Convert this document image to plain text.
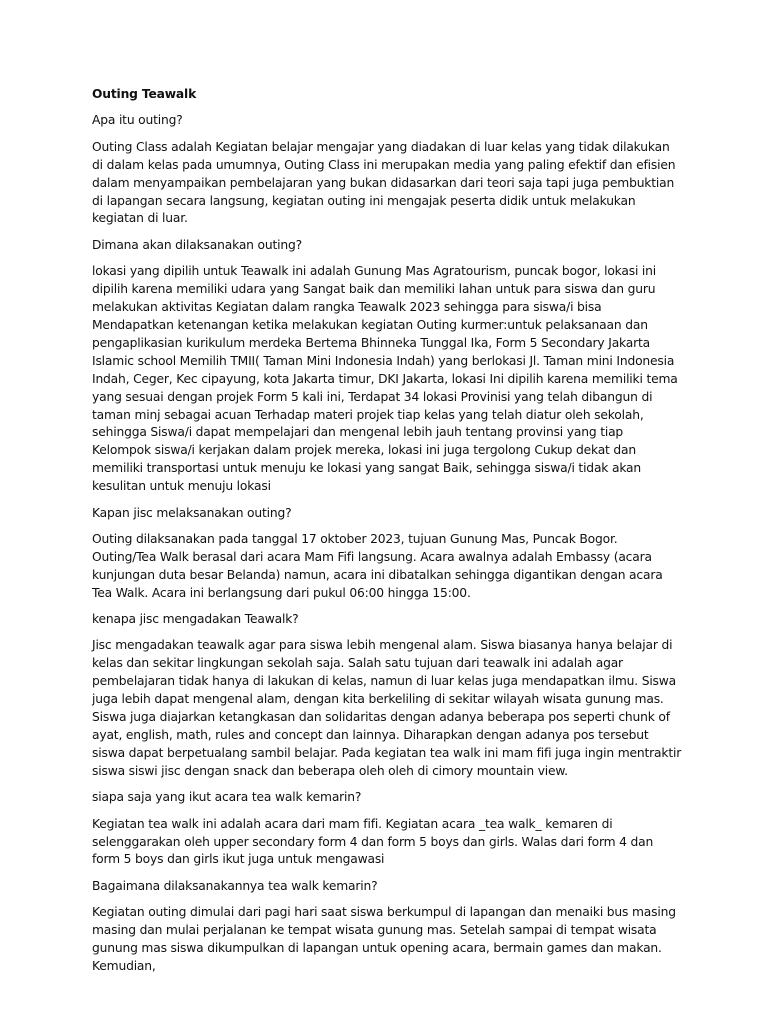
Outing Teawalk

Apa itu outing?

Outing Class adalah Kegiatan belajar mengajar yang diadakan di luar kelas yang tidak dilakukan di dalam kelas pada umumnya, Outing Class ini merupakan media yang paling efektif dan efisien dalam menyampaikan pembelajaran yang bukan didasarkan dari teori saja tapi juga pembuktian di lapangan secara langsung, kegiatan outing ini mengajak peserta didik untuk melakukan kegiatan di luar.

Dimana akan dilaksanakan outing?

lokasi yang dipilih untuk Teawalk ini adalah Gunung Mas Agratourism, puncak bogor, lokasi ini dipilih karena memiliki udara yang Sangat baik dan memiliki lahan untuk para siswa dan guru melakukan aktivitas Kegiatan dalam rangka Teawalk 2023 sehingga para siswa/i bisa Mendapatkan ketenangan ketika melakukan kegiatan Outing kurmer:untuk pelaksanaan dan pengaplikasian kurikulum merdeka Bertema Bhinneka Tunggal Ika, Form 5 Secondary Jakarta Islamic school Memilih TMII( Taman Mini Indonesia Indah) yang berlokasi Jl. Taman mini Indonesia Indah, Ceger, Kec cipayung, kota Jakarta timur, DKI Jakarta, lokasi Ini dipilih karena memiliki tema yang sesuai dengan projek Form 5 kali ini, Terdapat 34 lokasi Provinisi yang telah dibangun di taman minj sebagai acuan Terhadap materi projek tiap kelas yang telah diatur oleh sekolah, sehingga Siswa/i dapat mempelajari dan mengenal lebih jauh tentang provinsi yang tiap Kelompok siswa/i kerjakan dalam projek mereka, lokasi ini juga tergolong Cukup dekat dan memiliki transportasi untuk menuju ke lokasi yang sangat Baik, sehingga siswa/i tidak akan kesulitan untuk menuju lokasi

Kapan jisc melaksanakan outing?

Outing dilaksanakan pada tanggal 17 oktober 2023, tujuan Gunung Mas, Puncak Bogor. Outing/Tea Walk berasal dari acara Mam Fifi langsung. Acara awalnya adalah Embassy (acara kunjungan duta besar Belanda) namun, acara ini dibatalkan sehingga digantikan dengan acara Tea Walk. Acara ini berlangsung dari pukul 06:00 hingga 15:00.

kenapa jisc mengadakan Teawalk?

Jisc mengadakan teawalk agar para siswa lebih mengenal alam. Siswa biasanya hanya belajar di kelas dan sekitar lingkungan sekolah saja. Salah satu tujuan dari teawalk ini adalah agar pembelajaran tidak hanya di lakukan di kelas, namun di luar kelas juga mendapatkan ilmu. Siswa juga lebih dapat mengenal alam, dengan kita berkeliling di sekitar wilayah wisata gunung mas. Siswa juga diajarkan ketangkasan dan solidaritas dengan adanya beberapa pos seperti chunk of ayat, english, math, rules and concept dan lainnya. Diharapkan dengan adanya pos tersebut siswa dapat berpetualang sambil belajar. Pada kegiatan tea walk ini mam fifi juga ingin mentraktir siswa siswi jisc dengan snack dan beberapa oleh oleh di cimory mountain view.

siapa saja yang ikut acara tea walk kemarin?

Kegiatan tea walk ini adalah acara dari mam fifi. Kegiatan acara _tea walk_ kemaren di selenggarakan oleh upper secondary form 4 dan form 5 boys dan girls. Walas dari form 4 dan form 5 boys dan girls ikut juga untuk mengawasi

Bagaimana dilaksanakannya tea walk kemarin?

Kegiatan outing dimulai dari pagi hari saat siswa berkumpul di lapangan dan menaiki bus masing masing dan mulai perjalanan ke tempat wisata gunung mas. Setelah sampai di tempat wisata gunung mas siswa dikumpulkan di lapangan untuk opening acara, bermain games dan makan. Kemudian,
